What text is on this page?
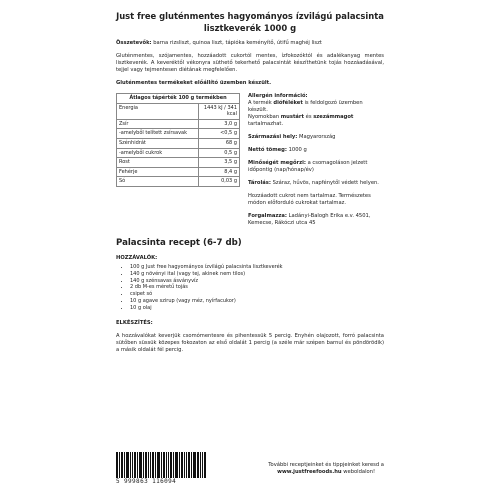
Just free gluténmentes hagyományos ízvilágú palacsinta lisztkeverék 1000 g

Összetevők: barna rizsliszt, quinoa liszt, tápióka keményítő, útifű maghéj liszt

Gluténmentes, szójamentes, hozzáadott cukortól mentes, ízfokozóktól és adalékanyag mentes lisztkeverék. A keveréktől vékonyra süthető tekerhető palacsintát készíthetünk tojás hozzáadásával, tejjel vagy tejmentesen diétának megfelelően.

Gluténmentes termékeket előállító üzemben készült.

Átlagos tápérték 100 g termékben	
Energia	1443 kJ / 341 kcal
Zsír	3,0 g
-amelyből telített zsírsavak	<0,5 g
Szénhidrát	68 g
-amelyből cukrok	0,5 g
Rost	3,5 g
Fehérje	8,4 g
Só	0,03 g

Allergén információ:

A termék dióféléket is feldolgozó üzemben készült.

Nyomokban mustárt és szezámmagot tartalmazhat.

Származási hely: Magyarország

Nettó tömeg: 1000 g

Minőségét megőrzi: a csomagoláson jelzett időpontig (nap/hónap/év)

Tárolás: Száraz, hűvös, napfénytől védett helyen.

Hozzáadott cukrot nem tartalmaz. Természetes módon előforduló cukrokat tartalmaz.

Forgalmazza: Ladányi-Balogh Erika e.v. 4501, Kemecse, Rákóczi utca 45

Palacsinta recept (6-7 db)

HOZZÁVALÓK:

• 100 g Just free hagyományos ízvilágú palacsinta lisztkeverék
• 140 g növényi ital (vagy tej, akinek nem tilos)
• 140 g szénsavas ásványvíz
• 2 db M-es méretű tojás
• csipet só
• 10 g agave szirup (vagy méz, nyírfacukor)
• 10 g olaj

ELKÉSZÍTÉS:

A hozzávalókat keverjük csomómentesre és pihentessük 5 percig. Enyhén olajozott, forró palacsinta sütőben süssük közepes fokozaton az első oldalát 1 percig (a széle már szépen barnul és pöndörödik) a másik oldalát fél percig.

5 999863 116094
További receptjeinket és tippjeinket keresd a
www.justfreefoods.hu weboldalon!
